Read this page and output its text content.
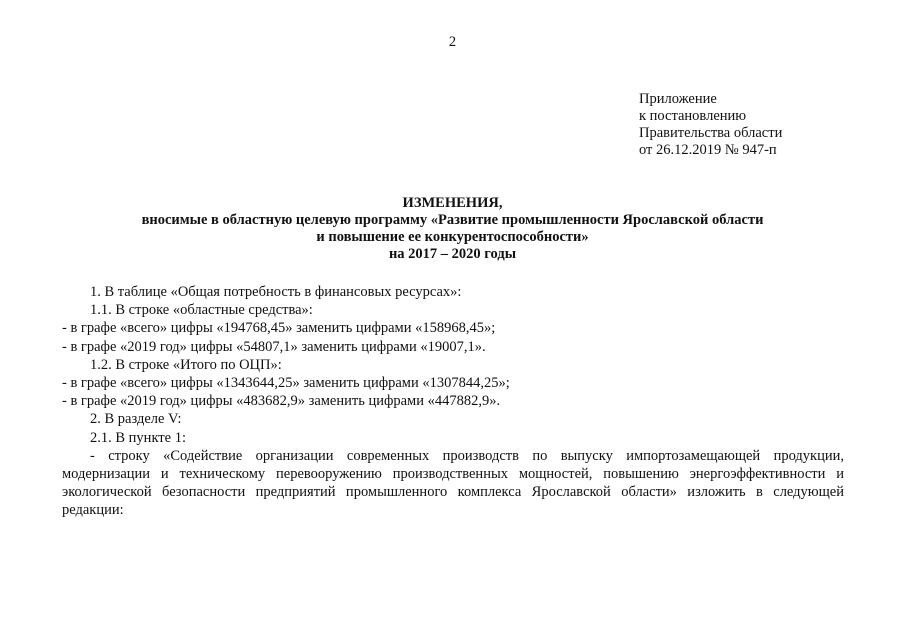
2
Приложение
к постановлению
Правительства области
от 26.12.2019 № 947-п
ИЗМЕНЕНИЯ,
вносимые в областную целевую программу «Развитие промышленности Ярославской области
и повышение ее конкурентоспособности»
на 2017 – 2020 годы

1. В таблице «Общая потребность в финансовых ресурсах»:

1.1. В строке «областные средства»:

- в графе «всего» цифры «194768,45» заменить цифрами «158968,45»;

- в графе «2019 год» цифры «54807,1» заменить цифрами «19007,1».

1.2. В строке «Итого по ОЦП»:

- в графе «всего» цифры «1343644,25» заменить цифрами «1307844,25»;

- в графе «2019 год» цифры «483682,9» заменить цифрами «447882,9».

2. В разделе V:

2.1. В пункте 1:

- строку «Содействие организации современных производств по выпуску импортозамещающей продукции, модернизации и техническому перевооружению производственных мощностей, повышению энергоэффективности и экологической безопасности предприятий промышленного комплекса Ярославской области» изложить в следующей редакции:
